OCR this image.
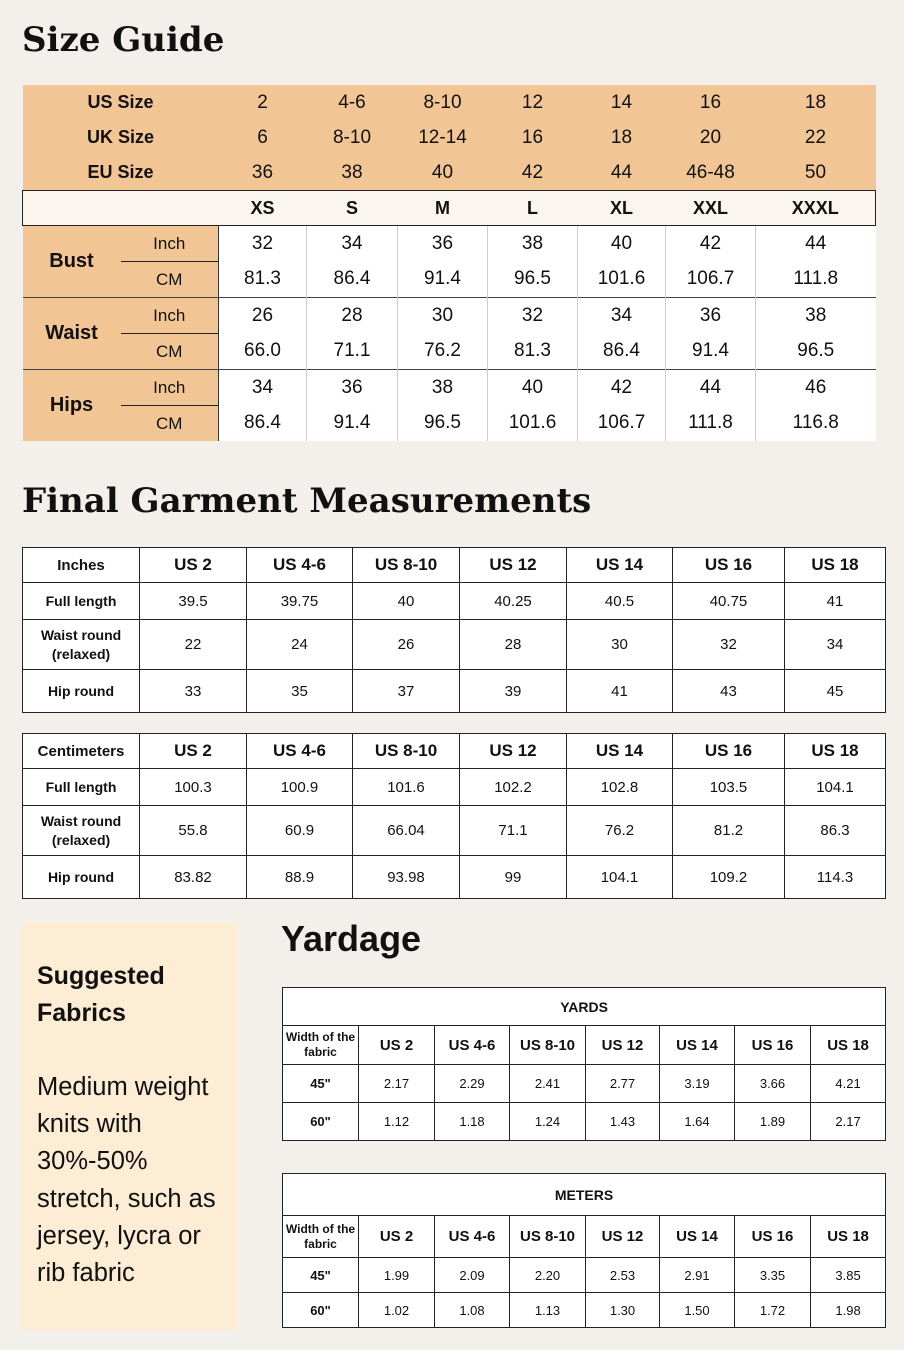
Size Guide
US Size		2	4-6	8-10	12	14	16	18
UK Size		6	8-10	12-14	16	18	20	22
EU Size		36	38	40	42	44	46-48	50
		XS	S	M	L	XL	XXL	XXXL
Bust	Inch	32	34	36	38	40	42	44
	CM	81.3	86.4	91.4	96.5	101.6	106.7	111.8
Waist	Inch	26	28	30	32	34	36	38
	CM	66.0	71.1	76.2	81.3	86.4	91.4	96.5
Hips	Inch	34	36	38	40	42	44	46
	CM	86.4	91.4	96.5	101.6	106.7	111.8	116.8
Final Garment Measurements
Inches	US 2	US 4-6	US 8-10	US 12	US 14	US 16	US 18
Full length	39.5	39.75	40	40.25	40.5	40.75	41
Waist round
(relaxed)	22	24	26	28	30	32	34
Hip round	33	35	37	39	41	43	45
Centimeters	US 2	US 4-6	US 8-10	US 12	US 14	US 16	US 18
Full length	100.3	100.9	101.6	102.2	102.8	103.5	104.1
Waist round
(relaxed)	55.8	60.9	66.04	71.1	76.2	81.2	86.3
Hip round	83.82	88.9	93.98	99	104.1	109.2	114.3
Suggested Fabrics
Medium weight knits with 30%-50% stretch, such as jersey, lycra or rib fabric
Yardage
YARDS							
Width of the
fabric	US 2	US 4-6	US 8-10	US 12	US 14	US 16	US 18
45"	2.17	2.29	2.41	2.77	3.19	3.66	4.21
60"	1.12	1.18	1.24	1.43	1.64	1.89	2.17
METERS							
Width of the
fabric	US 2	US 4-6	US 8-10	US 12	US 14	US 16	US 18
45"	1.99	2.09	2.20	2.53	2.91	3.35	3.85
60"	1.02	1.08	1.13	1.30	1.50	1.72	1.98
